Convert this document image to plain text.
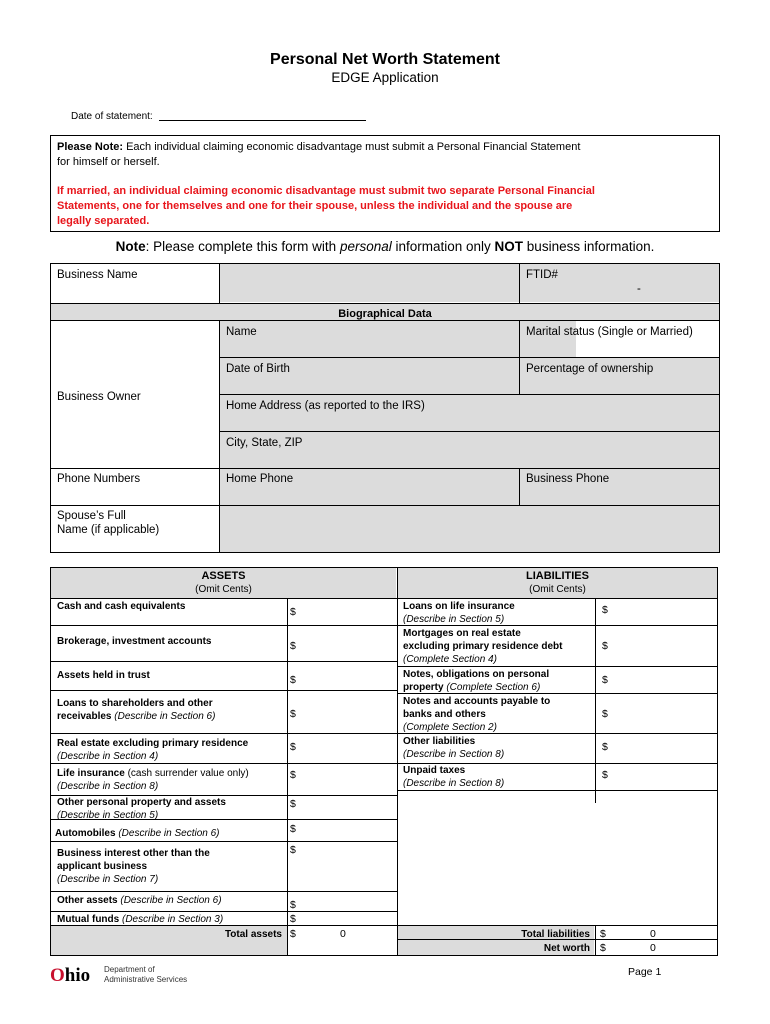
Personal Net Worth Statement
EDGE Application
Date of statement:
Please Note: Each individual claiming economic disadvantage must submit a Personal Financial Statement
for himself or herself.
If married, an individual claiming economic disadvantage must submit two separate Personal Financial
Statements, one for themselves and one for their spouse, unless the individual and the spouse are
legally separated.
Note: Please complete this form with personal information only NOT business information.
Business Name	FTID#
-
Biographical Data
Name	Marital status (Single or Married)
Business Owner
Date of Birth	Percentage of ownership
Home Address (as reported to the IRS)
City, State, ZIP
Phone Numbers	Home Phone	Business Phone
Spouse’s Full
Name (if applicable)
ASSETS
(Omit Cents)
LIABILITIES
(Omit Cents)
Cash and cash equivalents	$
Brokerage, investment accounts	$
Assets held in trust	$
Loans to shareholders and other
receivables (Describe in Section 6)	$
Real estate excluding primary residence
(Describe in Section 4)
$
Life insurance (cash surrender value only)
(Describe in Section 8)
$
Other personal property and assets
(Describe in Section 5)
$
Automobiles (Describe in Section 6)	$
Business interest other than the
applicant business
(Describe in Section 7)
$
Other assets (Describe in Section 6)	$
Mutual funds (Describe in Section 3)	$
Total assets $	0
Loans on life insurance
(Describe in Section 5)
$
Mortgages on real estate
excluding primary residence debt
(Complete Section 4)
$
Notes, obligations on personal
property (Complete Section 6)
$
Notes and accounts payable to
banks and others
(Complete Section 2)
$
Other liabilities
(Describe in Section 8)
$
Unpaid taxes
(Describe in Section 8)
$
Total liabilities $	0
Net worth $	0
Ohio Department of
Administrative Services
Page 1
